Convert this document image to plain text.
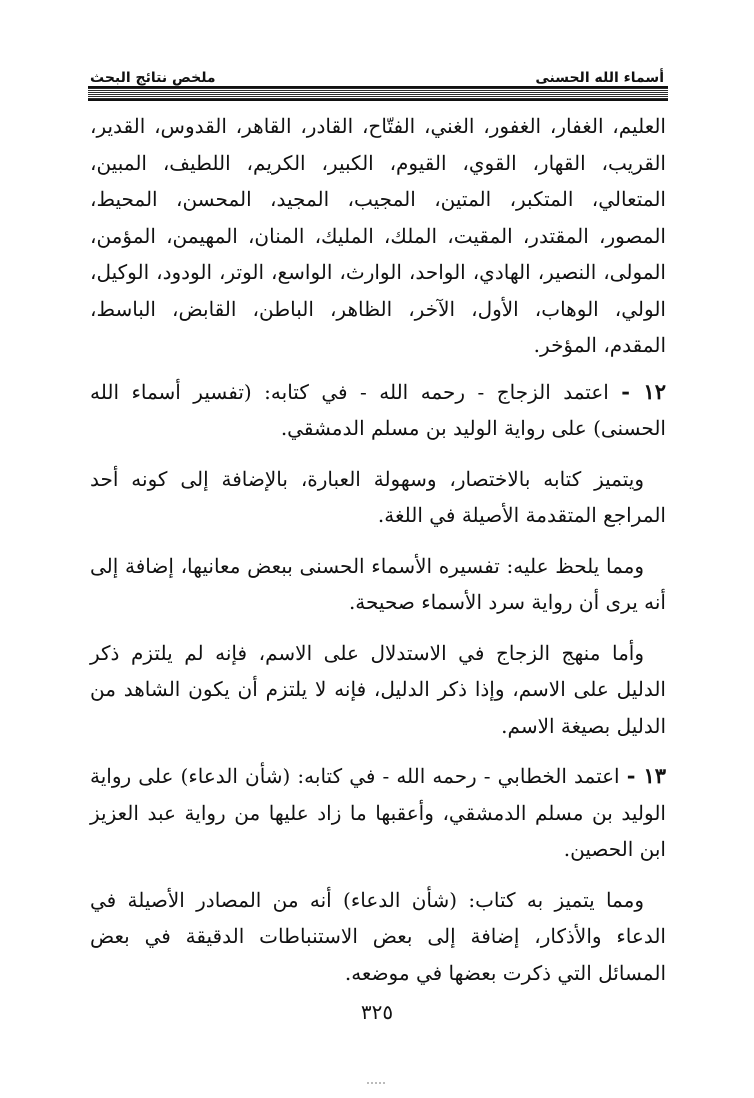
أسماء الله الحسنى
ملخص نتائج البحث

العليم، الغفار، الغفور، الغني، الفتّاح، القادر، القاهر، القدوس، القدير، القريب، القهار، القوي، القيوم، الكبير، الكريم، اللطيف، المبين، المتعالي، المتكبر، المتين، المجيب، المجيد، المحسن، المحيط، المصور، المقتدر، المقيت، الملك، المليك، المنان، المهيمن، المؤمن، المولى، النصير، الهادي، الواحد، الوارث، الواسع، الوتر، الودود، الوكيل، الولي، الوهاب، الأول، الآخر، الظاهر، الباطن، القابض، الباسط، المقدم، المؤخر.

١٢ - اعتمد الزجاج - رحمه الله - في كتابه: (تفسير أسماء الله الحسنى) على رواية الوليد بن مسلم الدمشقي.

ويتميز كتابه بالاختصار، وسهولة العبارة، بالإضافة إلى كونه أحد المراجع المتقدمة الأصيلة في اللغة.

ومما يلحظ عليه: تفسيره الأسماء الحسنى ببعض معانيها، إضافة إلى أنه يرى أن رواية سرد الأسماء صحيحة.

وأما منهج الزجاج في الاستدلال على الاسم، فإنه لم يلتزم ذكر الدليل على الاسم، وإذا ذكر الدليل، فإنه لا يلتزم أن يكون الشاهد من الدليل بصيغة الاسم.

١٣ - اعتمد الخطابي - رحمه الله - في كتابه: (شأن الدعاء) على رواية الوليد بن مسلم الدمشقي، وأعقبها ما زاد عليها من رواية عبد العزيز ابن الحصين.

ومما يتميز به كتاب: (شأن الدعاء) أنه من المصادر الأصيلة في الدعاء والأذكار، إضافة إلى بعض الاستنباطات الدقيقة في بعض المسائل التي ذكرت بعضها في موضعه.

٣٢٥
